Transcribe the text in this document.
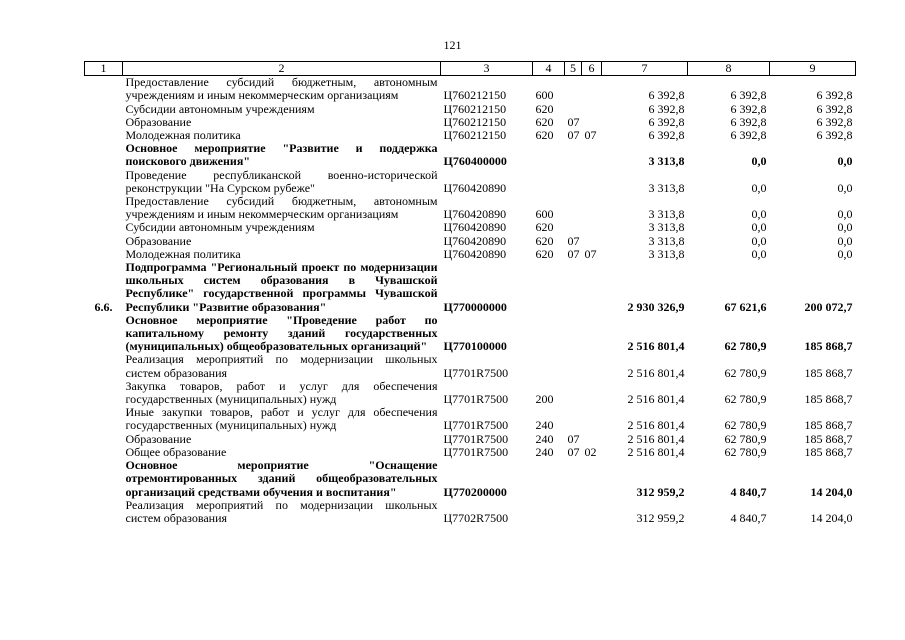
121
1	2	3	4	5	6	7	8	9
	Предоставление субсидий бюджетным, автономным учреждениям и иным некоммерческим организациям	Ц760212150	600			6 392,8	6 392,8	6 392,8
	Субсидии автономным учреждениям	Ц760212150	620			6 392,8	6 392,8	6 392,8
	Образование	Ц760212150	620	07		6 392,8	6 392,8	6 392,8
	Молодежная политика	Ц760212150	620	07	07	6 392,8	6 392,8	6 392,8
	Основное мероприятие "Развитие и поддержка поискового движения"	Ц760400000				3 313,8	0,0	0,0
	Проведение республиканской военно-исторической реконструкции "На Сурском рубеже"	Ц760420890				3 313,8	0,0	0,0
	Предоставление субсидий бюджетным, автономным учреждениям и иным некоммерческим организациям	Ц760420890	600			3 313,8	0,0	0,0
	Субсидии автономным учреждениям	Ц760420890	620			3 313,8	0,0	0,0
	Образование	Ц760420890	620	07		3 313,8	0,0	0,0
	Молодежная политика	Ц760420890	620	07	07	3 313,8	0,0	0,0
6.6.	Подпрограмма "Региональный проект по модернизации школьных систем образования в Чувашской Республике" государственной программы Чувашской Республики "Развитие образования"	Ц770000000				2 930 326,9	67 621,6	200 072,7
	Основное мероприятие "Проведение работ по капитальному ремонту зданий государственных (муниципальных) общеобразовательных организаций"	Ц770100000				2 516 801,4	62 780,9	185 868,7
	Реализация мероприятий по модернизации школьных систем образования	Ц7701R7500				2 516 801,4	62 780,9	185 868,7
	Закупка товаров, работ и услуг для обеспечения государственных (муниципальных) нужд	Ц7701R7500	200			2 516 801,4	62 780,9	185 868,7
	Иные закупки товаров, работ и услуг для обеспечения государственных (муниципальных) нужд	Ц7701R7500	240			2 516 801,4	62 780,9	185 868,7
	Образование	Ц7701R7500	240	07		2 516 801,4	62 780,9	185 868,7
	Общее образование	Ц7701R7500	240	07	02	2 516 801,4	62 780,9	185 868,7
	Основное мероприятие "Оснащение отремонтированных зданий общеобразовательных организаций средствами обучения и воспитания"	Ц770200000				312 959,2	4 840,7	14 204,0
	Реализация мероприятий по модернизации школьных систем образования	Ц7702R7500				312 959,2	4 840,7	14 204,0
